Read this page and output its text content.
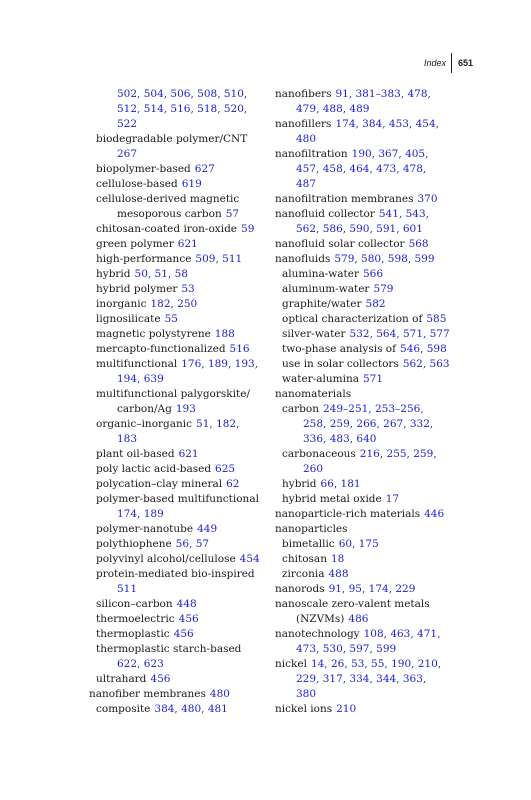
Index 651
502, 504, 506, 508, 510,
512, 514, 516, 518, 520,
522
biodegradable polymer/CNT
267
biopolymer-based 627
cellulose-based 619
cellulose-derived magnetic
mesoporous carbon 57
chitosan-coated iron-oxide 59
green polymer 621
high-performance 509, 511
hybrid 50, 51, 58
hybrid polymer 53
inorganic 182, 250
lignosilicate 55
magnetic polystyrene 188
mercapto-functionalized 516
multifunctional 176, 189, 193,
194, 639
multifunctional palygorskite/
carbon/Ag 193
organic–inorganic 51, 182,
183
plant oil-based 621
poly lactic acid-based 625
polycation–clay mineral 62
polymer-based multifunctional
174, 189
polymer-nanotube 449
polythiophene 56, 57
polyvinyl alcohol/cellulose 454
protein-mediated bio-inspired
511
silicon–carbon 448
thermoelectric 456
thermoplastic 456
thermoplastic starch-based
622, 623
ultrahard 456
nanofiber membranes 480
composite 384, 480, 481
nanofibers 91, 381–383, 478,
479, 488, 489
nanofillers 174, 384, 453, 454,
480
nanofiltration 190, 367, 405,
457, 458, 464, 473, 478,
487
nanofiltration membranes 370
nanofluid collector 541, 543,
562, 586, 590, 591, 601
nanofluid solar collector 568
nanofluids 579, 580, 598, 599
alumina-water 566
aluminum-water 579
graphite/water 582
optical characterization of 585
silver-water 532, 564, 571, 577
two-phase analysis of 546, 598
use in solar collectors 562, 563
water-alumina 571
nanomaterials
carbon 249–251, 253–256,
258, 259, 266, 267, 332,
336, 483, 640
carbonaceous 216, 255, 259,
260
hybrid 66, 181
hybrid metal oxide 17
nanoparticle-rich materials 446
nanoparticles
bimetallic 60, 175
chitosan 18
zirconia 488
nanorods 91, 95, 174, 229
nanoscale zero-valent metals
(NZVMs) 486
nanotechnology 108, 463, 471,
473, 530, 597, 599
nickel 14, 26, 53, 55, 190, 210,
229, 317, 334, 344, 363,
380
nickel ions 210
